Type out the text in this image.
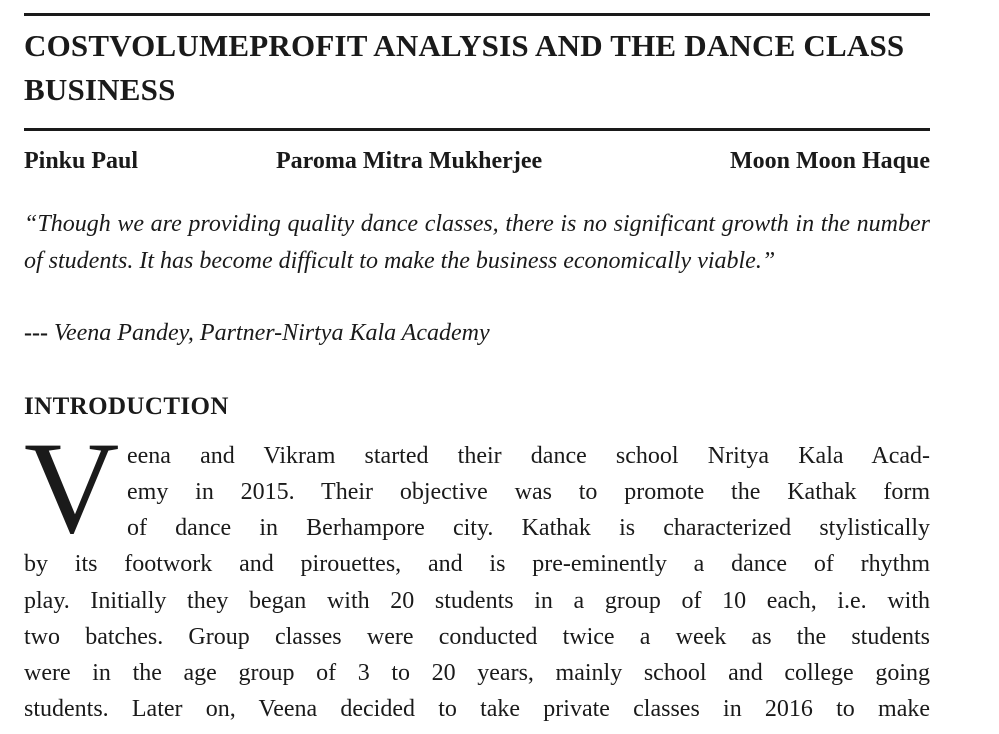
COSTVOLUMEPROFIT ANALYSIS AND THE DANCE CLASS BUSINESS
Pinku Paul	Paroma Mitra Mukherjee	Moon Moon Haque

“Though we are providing quality dance classes, there is no significant growth in the number of students. It has become difficult to make the business economically viable.”

--- Veena Pandey, Partner-Nirtya Kala Academy
INTRODUCTION
V eena and Vikram started their dance school Nritya Kala Acad-
emy in 2015. Their objective was to promote the Kathak form
of dance in Berhampore city. Kathak is characterized stylistically
by its footwork and pirouettes, and is pre-eminently a dance of rhythm
play. Initially they began with 20 students in a group of 10 each, i.e. with
two batches. Group classes were conducted twice a week as the students
were in the age group of 3 to 20 years, mainly school and college going
students. Later on, Veena decided to take private classes in 2016 to make
